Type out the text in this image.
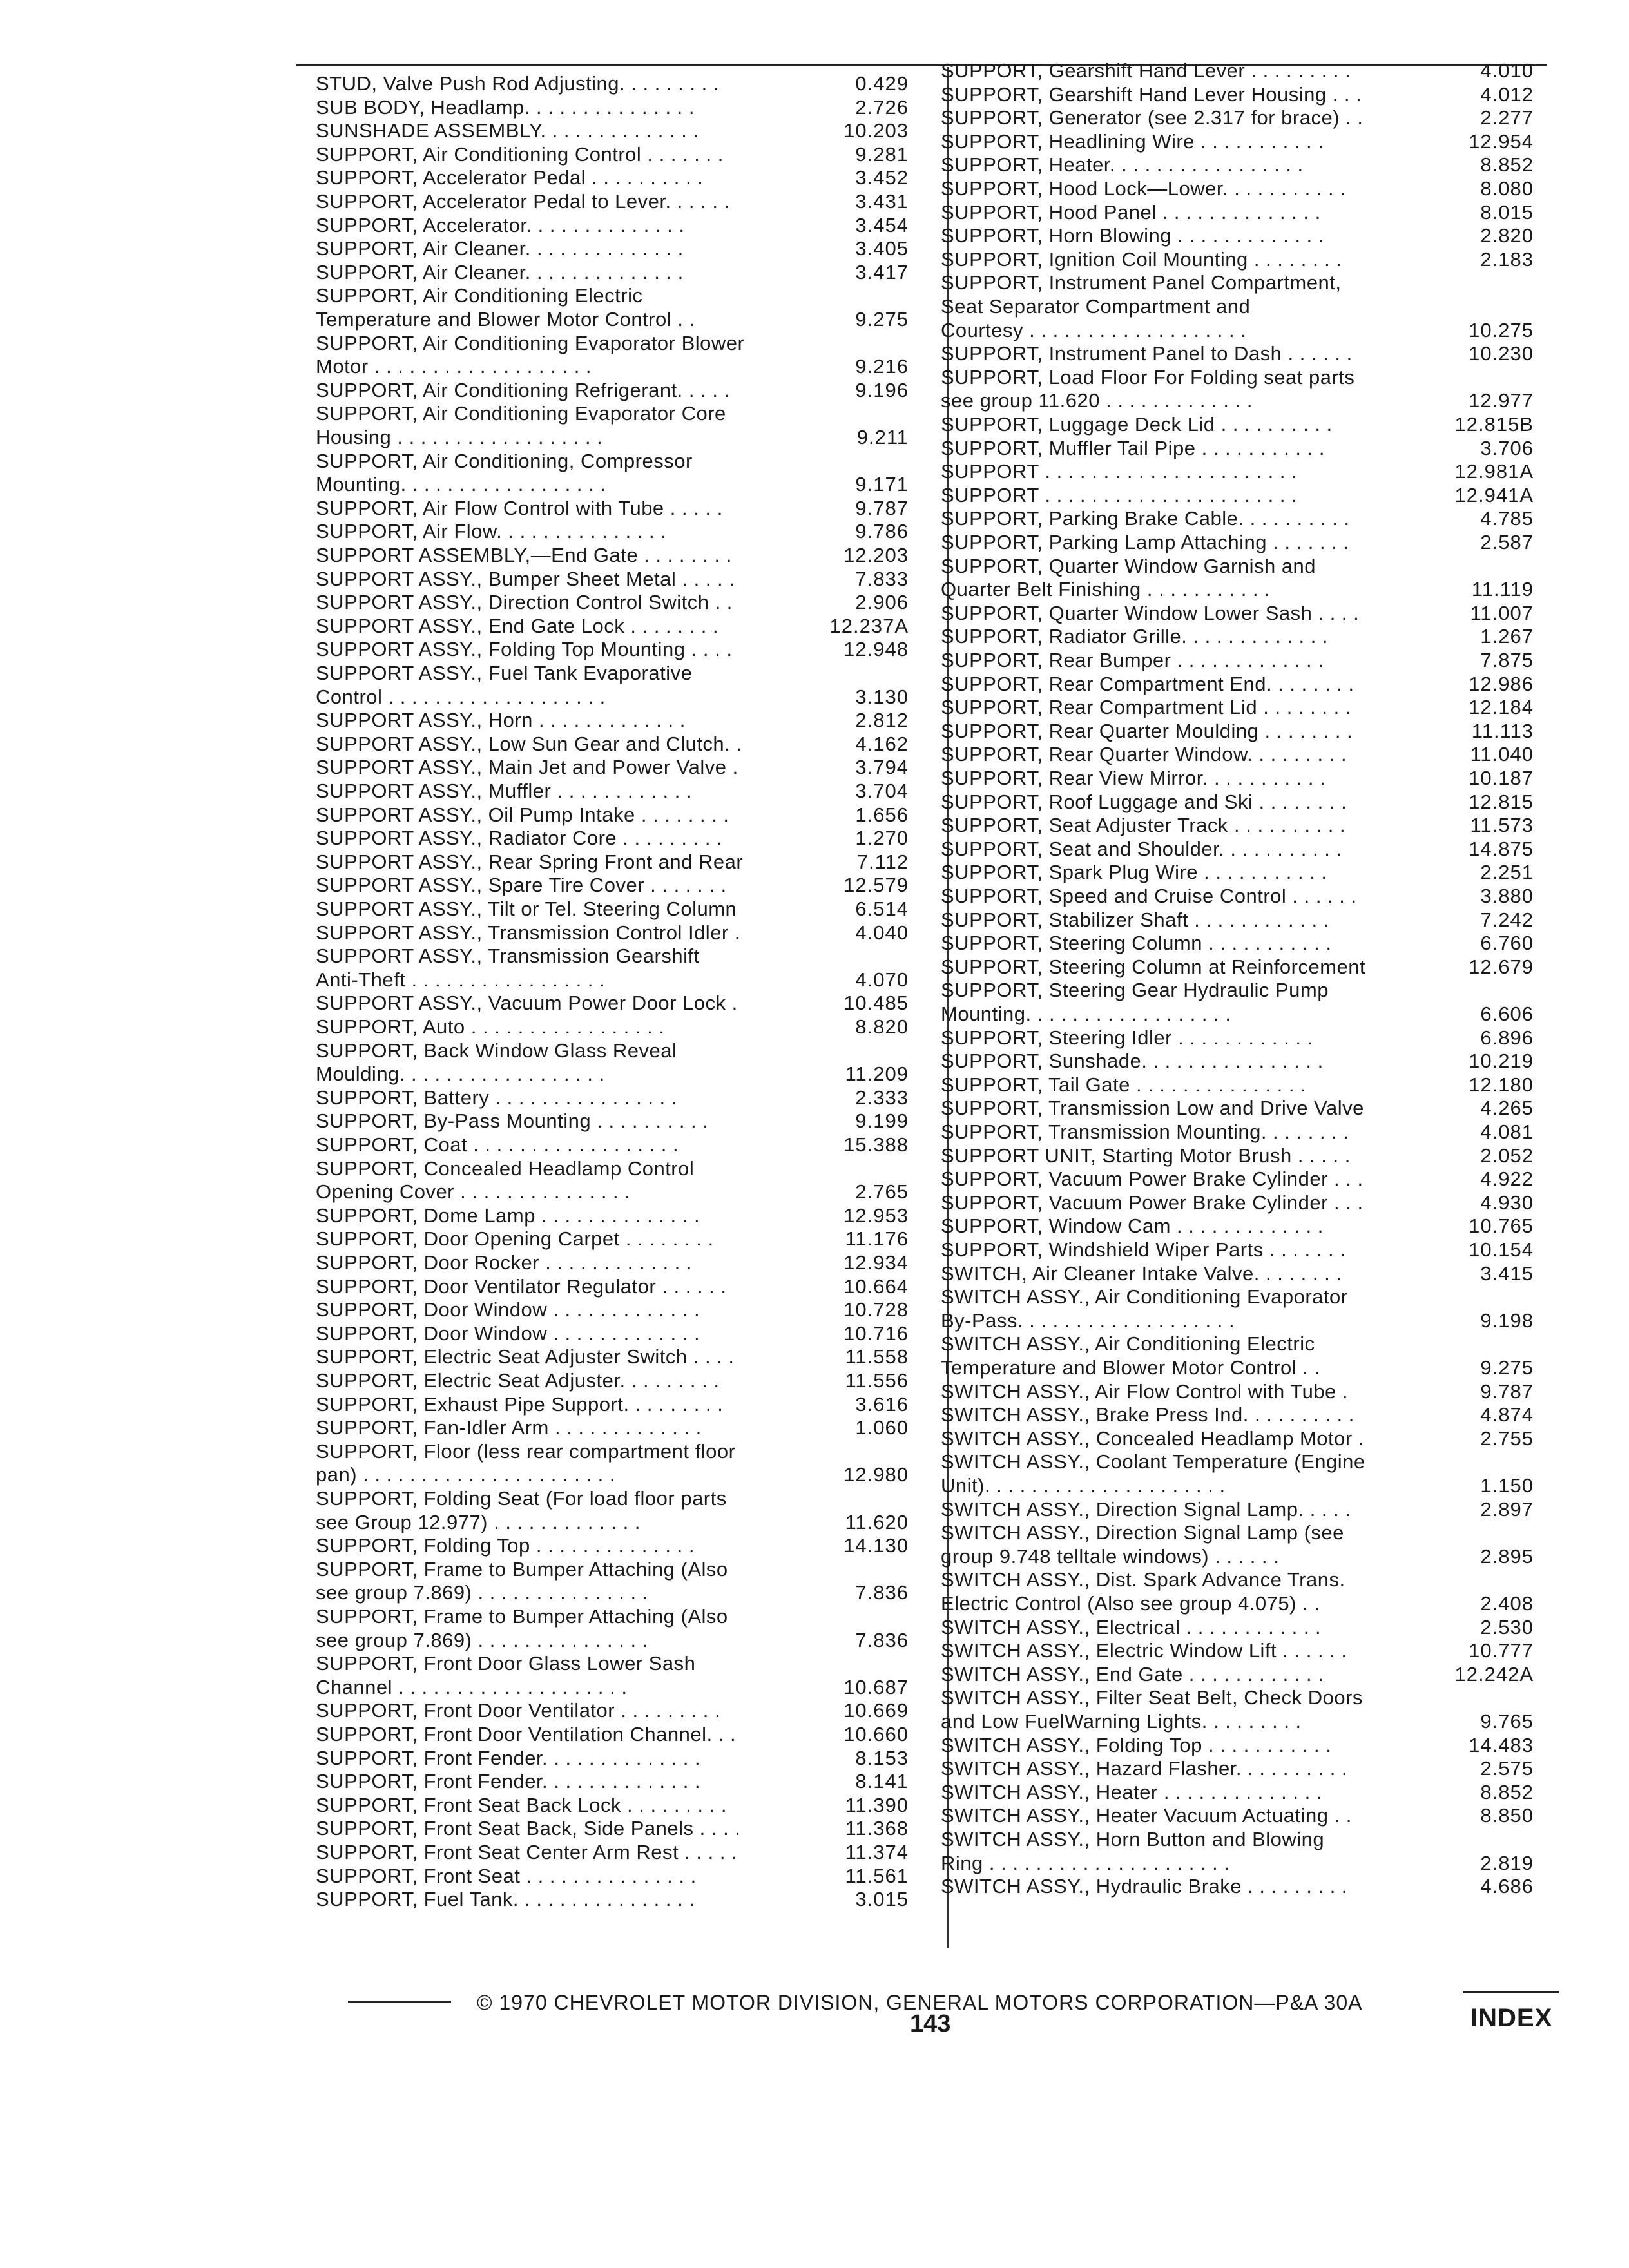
STUD, Valve Push Rod Adjusting. . . . . . . . .	0.429
SUB BODY, Headlamp. . . . . . . . . . . . . . .	2.726
SUNSHADE ASSEMBLY. . . . . . . . . . . . . .	10.203
SUPPORT, Air Conditioning Control . . . . . . .	9.281
SUPPORT, Accelerator Pedal . . . . . . . . . .	3.452
SUPPORT, Accelerator Pedal to Lever. . . . . .	3.431
SUPPORT, Accelerator. . . . . . . . . . . . . .	3.454
SUPPORT, Air Cleaner. . . . . . . . . . . . . .	3.405
SUPPORT, Air Cleaner. . . . . . . . . . . . . .	3.417
SUPPORT, Air Conditioning Electric
Temperature and Blower Motor Control . .	9.275
SUPPORT, Air Conditioning Evaporator Blower
Motor . . . . . . . . . . . . . . . . . . .	9.216
SUPPORT, Air Conditioning Refrigerant. . . . .	9.196
SUPPORT, Air Conditioning Evaporator Core
Housing . . . . . . . . . . . . . . . . . .	9.211
SUPPORT, Air Conditioning, Compressor
Mounting. . . . . . . . . . . . . . . . . .	9.171
SUPPORT, Air Flow Control with Tube . . . . .	9.787
SUPPORT, Air Flow. . . . . . . . . . . . . . .	9.786
SUPPORT ASSEMBLY,—End Gate . . . . . . . .	12.203
SUPPORT ASSY., Bumper Sheet Metal . . . . .	7.833
SUPPORT ASSY., Direction Control Switch . .	2.906
SUPPORT ASSY., End Gate Lock . . . . . . . .	12.237A
SUPPORT ASSY., Folding Top Mounting . . . .	12.948
SUPPORT ASSY., Fuel Tank Evaporative
Control . . . . . . . . . . . . . . . . . . .	3.130
SUPPORT ASSY., Horn . . . . . . . . . . . . .	2.812
SUPPORT ASSY., Low Sun Gear and Clutch. .	4.162
SUPPORT ASSY., Main Jet and Power Valve .	3.794
SUPPORT ASSY., Muffler . . . . . . . . . . . .	3.704
SUPPORT ASSY., Oil Pump Intake . . . . . . . .	1.656
SUPPORT ASSY., Radiator Core . . . . . . . . .	1.270
SUPPORT ASSY., Rear Spring Front and Rear	7.112
SUPPORT ASSY., Spare Tire Cover . . . . . . .	12.579
SUPPORT ASSY., Tilt or Tel. Steering Column	6.514
SUPPORT ASSY., Transmission Control Idler .	4.040
SUPPORT ASSY., Transmission Gearshift
Anti-Theft . . . . . . . . . . . . . . . . .	4.070
SUPPORT ASSY., Vacuum Power Door Lock .	10.485
SUPPORT, Auto . . . . . . . . . . . . . . . . .	8.820
SUPPORT, Back Window Glass Reveal
Moulding. . . . . . . . . . . . . . . . . .	11.209
SUPPORT, Battery . . . . . . . . . . . . . . . .	2.333
SUPPORT, By-Pass Mounting . . . . . . . . . .	9.199
SUPPORT, Coat . . . . . . . . . . . . . . . . . .	15.388
SUPPORT, Concealed Headlamp Control
Opening Cover . . . . . . . . . . . . . . .	2.765
SUPPORT, Dome Lamp . . . . . . . . . . . . . .	12.953
SUPPORT, Door Opening Carpet . . . . . . . .	11.176
SUPPORT, Door Rocker . . . . . . . . . . . . .	12.934
SUPPORT, Door Ventilator Regulator . . . . . .	10.664
SUPPORT, Door Window . . . . . . . . . . . . .	10.728
SUPPORT, Door Window . . . . . . . . . . . . .	10.716
SUPPORT, Electric Seat Adjuster Switch . . . .	11.558
SUPPORT, Electric Seat Adjuster. . . . . . . . .	11.556
SUPPORT, Exhaust Pipe Support. . . . . . . . .	3.616
SUPPORT, Fan-Idler Arm . . . . . . . . . . . . .	1.060
SUPPORT, Floor (less rear compartment floor
pan) . . . . . . . . . . . . . . . . . . . . . .	12.980
SUPPORT, Folding Seat (For load floor parts
see Group 12.977) . . . . . . . . . . . . .	11.620
SUPPORT, Folding Top . . . . . . . . . . . . . .	14.130
SUPPORT, Frame to Bumper Attaching (Also
see group 7.869) . . . . . . . . . . . . . . .	7.836
SUPPORT, Frame to Bumper Attaching (Also
see group 7.869) . . . . . . . . . . . . . . .	7.836
SUPPORT, Front Door Glass Lower Sash
Channel . . . . . . . . . . . . . . . . . . . .	10.687
SUPPORT, Front Door Ventilator . . . . . . . . .	10.669
SUPPORT, Front Door Ventilation Channel. . .	10.660
SUPPORT, Front Fender. . . . . . . . . . . . . .	8.153
SUPPORT, Front Fender. . . . . . . . . . . . . .	8.141
SUPPORT, Front Seat Back Lock . . . . . . . . .	11.390
SUPPORT, Front Seat Back, Side Panels . . . .	11.368
SUPPORT, Front Seat Center Arm Rest . . . . .	11.374
SUPPORT, Front Seat . . . . . . . . . . . . . . .	11.561
SUPPORT, Fuel Tank. . . . . . . . . . . . . . . .	3.015
SUPPORT, Gearshift Hand Lever . . . . . . . . .	4.010
SUPPORT, Gearshift Hand Lever Housing . . .	4.012
SUPPORT, Generator (see 2.317 for brace) . .	2.277
SUPPORT, Headlining Wire . . . . . . . . . . .	12.954
SUPPORT, Heater. . . . . . . . . . . . . . . . .	8.852
SUPPORT, Hood Lock—Lower. . . . . . . . . . .	8.080
SUPPORT, Hood Panel . . . . . . . . . . . . . .	8.015
SUPPORT, Horn Blowing . . . . . . . . . . . . .	2.820
SUPPORT, Ignition Coil Mounting . . . . . . . .	2.183
SUPPORT, Instrument Panel Compartment,
Seat Separator Compartment and
Courtesy . . . . . . . . . . . . . . . . . . .	10.275
SUPPORT, Instrument Panel to Dash . . . . . .	10.230
SUPPORT, Load Floor For Folding seat parts
see group 11.620 . . . . . . . . . . . . .	12.977
SUPPORT, Luggage Deck Lid . . . . . . . . . .	12.815B
SUPPORT, Muffler Tail Pipe . . . . . . . . . . .	3.706
SUPPORT . . . . . . . . . . . . . . . . . . . . . .	12.981A
SUPPORT . . . . . . . . . . . . . . . . . . . . . .	12.941A
SUPPORT, Parking Brake Cable. . . . . . . . . .	4.785
SUPPORT, Parking Lamp Attaching . . . . . . .	2.587
SUPPORT, Quarter Window Garnish and
Quarter Belt Finishing . . . . . . . . . . .	11.119
SUPPORT, Quarter Window Lower Sash . . . .	11.007
SUPPORT, Radiator Grille. . . . . . . . . . . . .	1.267
SUPPORT, Rear Bumper . . . . . . . . . . . . .	7.875
SUPPORT, Rear Compartment End. . . . . . . .	12.986
SUPPORT, Rear Compartment Lid . . . . . . . .	12.184
SUPPORT, Rear Quarter Moulding . . . . . . . .	11.113
SUPPORT, Rear Quarter Window. . . . . . . . .	11.040
SUPPORT, Rear View Mirror. . . . . . . . . . .	10.187
SUPPORT, Roof Luggage and Ski . . . . . . . .	12.815
SUPPORT, Seat Adjuster Track . . . . . . . . . .	11.573
SUPPORT, Seat and Shoulder. . . . . . . . . . .	14.875
SUPPORT, Spark Plug Wire . . . . . . . . . . .	2.251
SUPPORT, Speed and Cruise Control . . . . . .	3.880
SUPPORT, Stabilizer Shaft . . . . . . . . . . . .	7.242
SUPPORT, Steering Column . . . . . . . . . . .	6.760
SUPPORT, Steering Column at Reinforcement	12.679
SUPPORT, Steering Gear Hydraulic Pump
Mounting. . . . . . . . . . . . . . . . . .	6.606
SUPPORT, Steering Idler . . . . . . . . . . . .	6.896
SUPPORT, Sunshade. . . . . . . . . . . . . . . .	10.219
SUPPORT, Tail Gate . . . . . . . . . . . . . . .	12.180
SUPPORT, Transmission Low and Drive Valve	4.265
SUPPORT, Transmission Mounting. . . . . . . .	4.081
SUPPORT UNIT, Starting Motor Brush . . . . .	2.052
SUPPORT, Vacuum Power Brake Cylinder . . .	4.922
SUPPORT, Vacuum Power Brake Cylinder . . .	4.930
SUPPORT, Window Cam . . . . . . . . . . . . .	10.765
SUPPORT, Windshield Wiper Parts . . . . . . .	10.154
SWITCH, Air Cleaner Intake Valve. . . . . . . .	3.415
SWITCH ASSY., Air Conditioning Evaporator
By-Pass. . . . . . . . . . . . . . . . . . .	9.198
SWITCH ASSY., Air Conditioning Electric
Temperature and Blower Motor Control . .	9.275
SWITCH ASSY., Air Flow Control with Tube .	9.787
SWITCH ASSY., Brake Press Ind. . . . . . . . . .	4.874
SWITCH ASSY., Concealed Headlamp Motor .	2.755
SWITCH ASSY., Coolant Temperature (Engine
Unit). . . . . . . . . . . . . . . . . . . . .	1.150
SWITCH ASSY., Direction Signal Lamp. . . . .	2.897
SWITCH ASSY., Direction Signal Lamp (see
group 9.748 telltale windows) . . . . . .	2.895
SWITCH ASSY., Dist. Spark Advance Trans.
Electric Control (Also see group 4.075) . .	2.408
SWITCH ASSY., Electrical . . . . . . . . . . . .	2.530
SWITCH ASSY., Electric Window Lift . . . . . .	10.777
SWITCH ASSY., End Gate . . . . . . . . . . . .	12.242A
SWITCH ASSY., Filter Seat Belt, Check Doors
and Low FuelWarning Lights. . . . . . . . .	9.765
SWITCH ASSY., Folding Top . . . . . . . . . . .	14.483
SWITCH ASSY., Hazard Flasher. . . . . . . . . .	2.575
SWITCH ASSY., Heater . . . . . . . . . . . . . .	8.852
SWITCH ASSY., Heater Vacuum Actuating . .	8.850
SWITCH ASSY., Horn Button and Blowing
Ring . . . . . . . . . . . . . . . . . . . . .	2.819
SWITCH ASSY., Hydraulic Brake . . . . . . . . .	4.686
© 1970 CHEVROLET MOTOR DIVISION, GENERAL MOTORS CORPORATION—P&A 30A
143	INDEX
